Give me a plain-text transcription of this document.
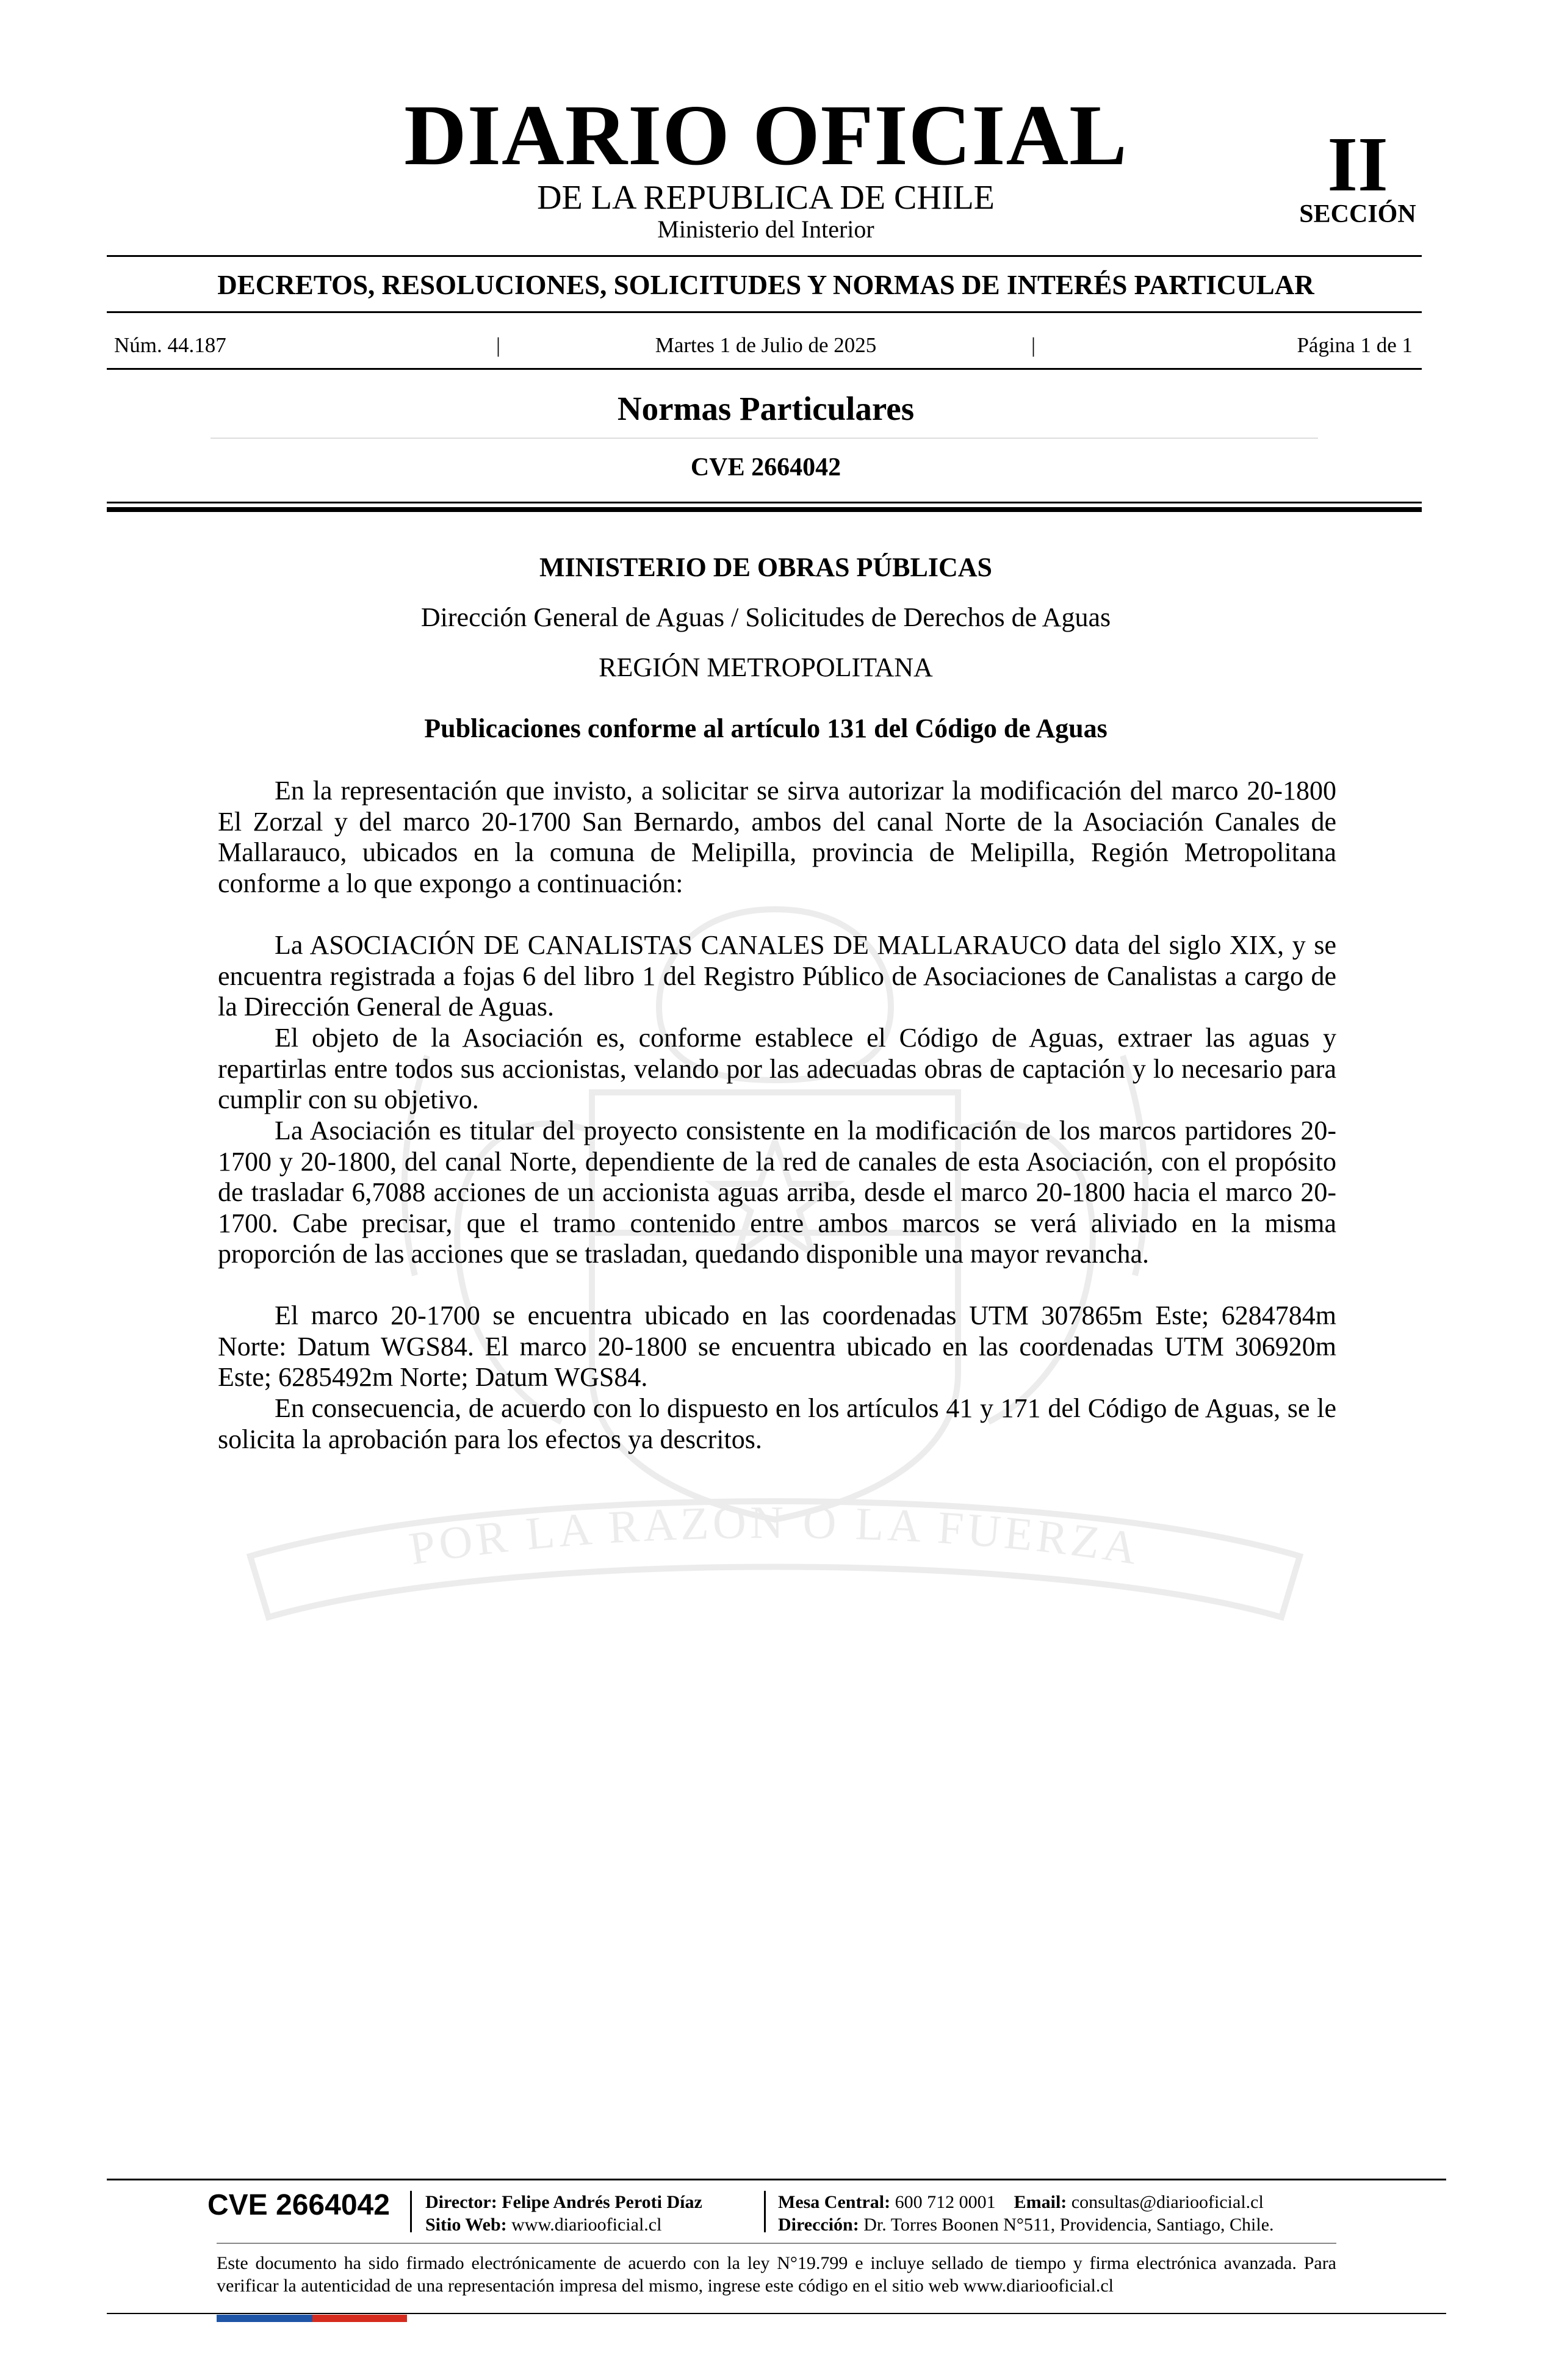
POR LA RAZON O LA FUERZA
DIARIO OFICIAL
DE LA REPUBLICA DE CHILE
Ministerio del Interior
II
SECCIÓN
DECRETOS, RESOLUCIONES, SOLICITUDES Y NORMAS DE INTERÉS PARTICULAR
Núm. 44.187	|	Martes 1 de Julio de 2025	|	Página 1 de 1
Normas Particulares
CVE 2664042
MINISTERIO DE OBRAS PÚBLICAS
Dirección General de Aguas / Solicitudes de Derechos de Aguas
REGIÓN METROPOLITANA
Publicaciones conforme al artículo 131 del Código de Aguas

En la representación que invisto, a solicitar se sirva autorizar la modificación del marco 20-1800 El Zorzal y del marco 20-1700 San Bernardo, ambos del canal Norte de la Asociación Canales de Mallarauco, ubicados en la comuna de Melipilla, provincia de Melipilla, Región Metropolitana conforme a lo que expongo a continuación:

La ASOCIACIÓN DE CANALISTAS CANALES DE MALLARAUCO data del siglo XIX, y se encuentra registrada a fojas 6 del libro 1 del Registro Público de Asociaciones de Canalistas a cargo de la Dirección General de Aguas.

El objeto de la Asociación es, conforme establece el Código de Aguas, extraer las aguas y repartirlas entre todos sus accionistas, velando por las adecuadas obras de captación y lo necesario para cumplir con su objetivo.

La Asociación es titular del proyecto consistente en la modificación de los marcos partidores 20-1700 y 20-1800, del canal Norte, dependiente de la red de canales de esta Asociación, con el propósito de trasladar 6,7088 acciones de un accionista aguas arriba, desde el marco 20-1800 hacia el marco 20-1700. Cabe precisar, que el tramo contenido entre ambos marcos se verá aliviado en la misma proporción de las acciones que se trasladan, quedando disponible una mayor revancha.

El marco 20-1700 se encuentra ubicado en las coordenadas UTM 307865m Este; 6284784m Norte: Datum WGS84. El marco 20-1800 se encuentra ubicado en las coordenadas UTM 306920m Este; 6285492m Norte; Datum WGS84.

En consecuencia, de acuerdo con lo dispuesto en los artículos 41 y 171 del Código de Aguas, se le solicita la aprobación para los efectos ya descritos.

CVE 2664042 Director: Felipe Andrés Peroti Díaz
Sitio Web: www.diariooficial.cl
Mesa Central: 600 712 0001 Email: consultas@diariooficial.cl
Dirección: Dr. Torres Boonen N°511, Providencia, Santiago, Chile.
Este documento ha sido firmado electrónicamente de acuerdo con la ley N°19.799 e incluye sellado de tiempo y firma electrónica avanzada. Para verificar la autenticidad de una representación impresa del mismo, ingrese este código en el sitio web www.diariooficial.cl
